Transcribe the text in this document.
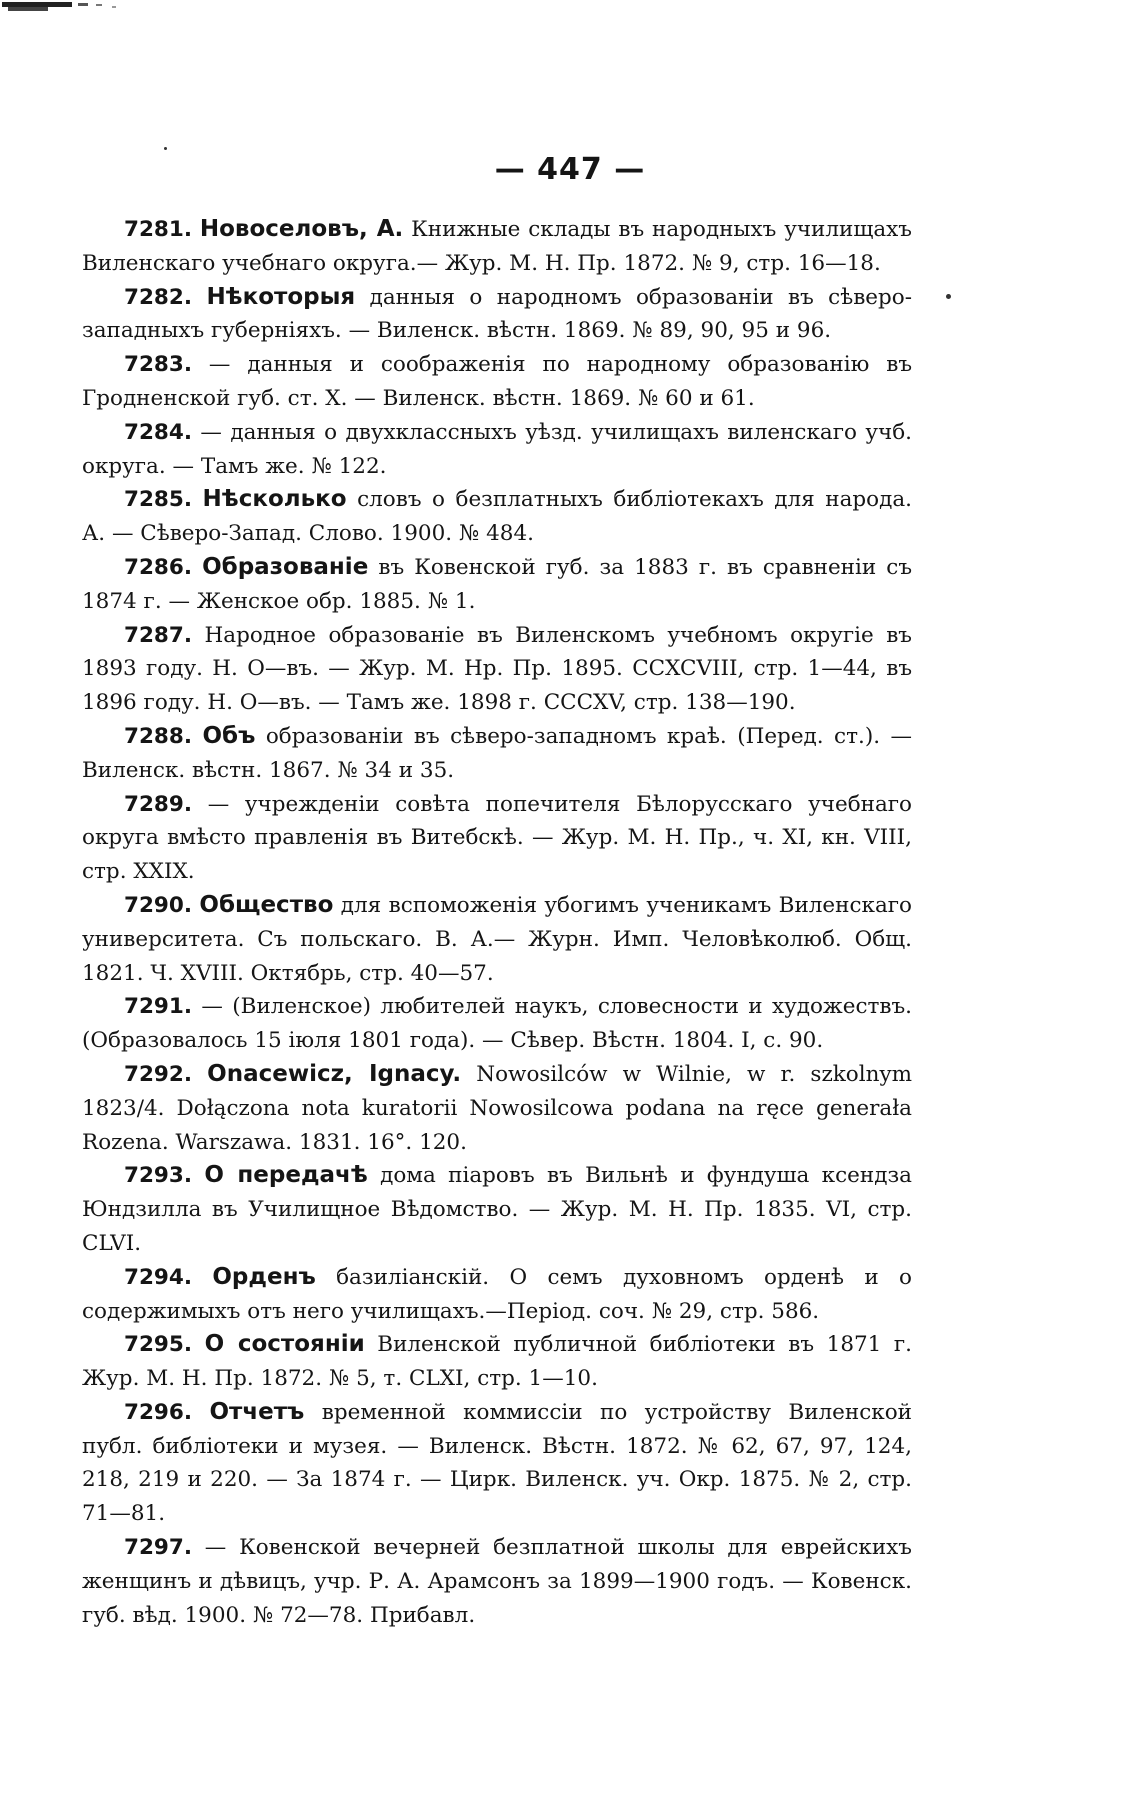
— 447 —

7281. Новоселовъ, А. Книжные склады въ народныхъ училищахъ Виленскаго учебнаго округа.— Жур. М. Н. Пр. 1872. № 9, стр. 16—18.

7282. Нѣкоторыя данныя о народномъ образованіи въ сѣверо-западныхъ губерніяхъ. — Виленск. вѣстн. 1869. № 89, 90, 95 и 96.

7283. — данныя и соображенія по народному образованію въ Гродненской губ. ст. X. — Виленск. вѣстн. 1869. № 60 и 61.

7284. — данныя о двухклассныхъ уѣзд. училищахъ виленскаго учб. округа. — Тамъ же. № 122.

7285. Нѣсколько словъ о безплатныхъ библіотекахъ для народа. А. — Сѣверо-Запад. Слово. 1900. № 484.

7286. Образованіе въ Ковенской губ. за 1883 г. въ сравненіи съ 1874 г. — Женское обр. 1885. № 1.

7287. Народное образованіе въ Виленскомъ учебномъ округіе въ 1893 году. Н. О—въ. — Жур. М. Нр. Пр. 1895. CCXCVIII, стр. 1—44, въ 1896 году. Н. О—въ. — Тамъ же. 1898 г. CCCXV, стр. 138—190.

7288. Объ образованіи въ сѣверо-западномъ краѣ. (Перед. ст.). — Виленск. вѣстн. 1867. № 34 и 35.

7289. — учрежденіи совѣта попечителя Бѣлорусскаго учебнаго округа вмѣсто правленія въ Витебскѣ. — Жур. М. Н. Пр., ч. XI, кн. VIII, стр. XXIX.

7290. Общество для вспоможенія убогимъ ученикамъ Виленскаго университета. Съ польскаго. В. А.— Журн. Имп. Человѣколюб. Общ. 1821. Ч. XVIII. Октябрь, стр. 40—57.

7291. — (Виленское) любителей наукъ, словесности и художествъ. (Образовалось 15 іюля 1801 года). — Сѣвер. Вѣстн. 1804. I, с. 90.

7292. Onacewicz, Ignacy. Nowosilców w Wilnie, w r. szkolnym 1823/4. Dołączona nota kuratorii Nowosilcowa podana na ręce generała Rozena. Warszawa. 1831. 16°. 120.

7293. О передачѣ дома піаровъ въ Вильнѣ и фундуша ксендза Юндзилла въ Училищное Вѣдомство. — Жур. М. Н. Пр. 1835. VI, стр. CLVI.

7294. Орденъ базиліанскій. О семъ духовномъ орденѣ и о содержимыхъ отъ него училищахъ.—Період. соч. № 29, стр. 586.

7295. О состояніи Виленской публичной библіотеки въ 1871 г. Жур. М. Н. Пр. 1872. № 5, т. CLXI, стр. 1—10.

7296. Отчетъ временной коммиссіи по устройству Виленской публ. библіотеки и музея. — Виленск. Вѣстн. 1872. № 62, 67, 97, 124, 218, 219 и 220. — За 1874 г. — Цирк. Виленск. уч. Окр. 1875. № 2, стр. 71—81.

7297. — Ковенской вечерней безплатной школы для еврейскихъ женщинъ и дѣвицъ, учр. Р. А. Арамсонъ за 1899—1900 годъ. — Ковенск. губ. вѣд. 1900. № 72—78. Прибавл.
